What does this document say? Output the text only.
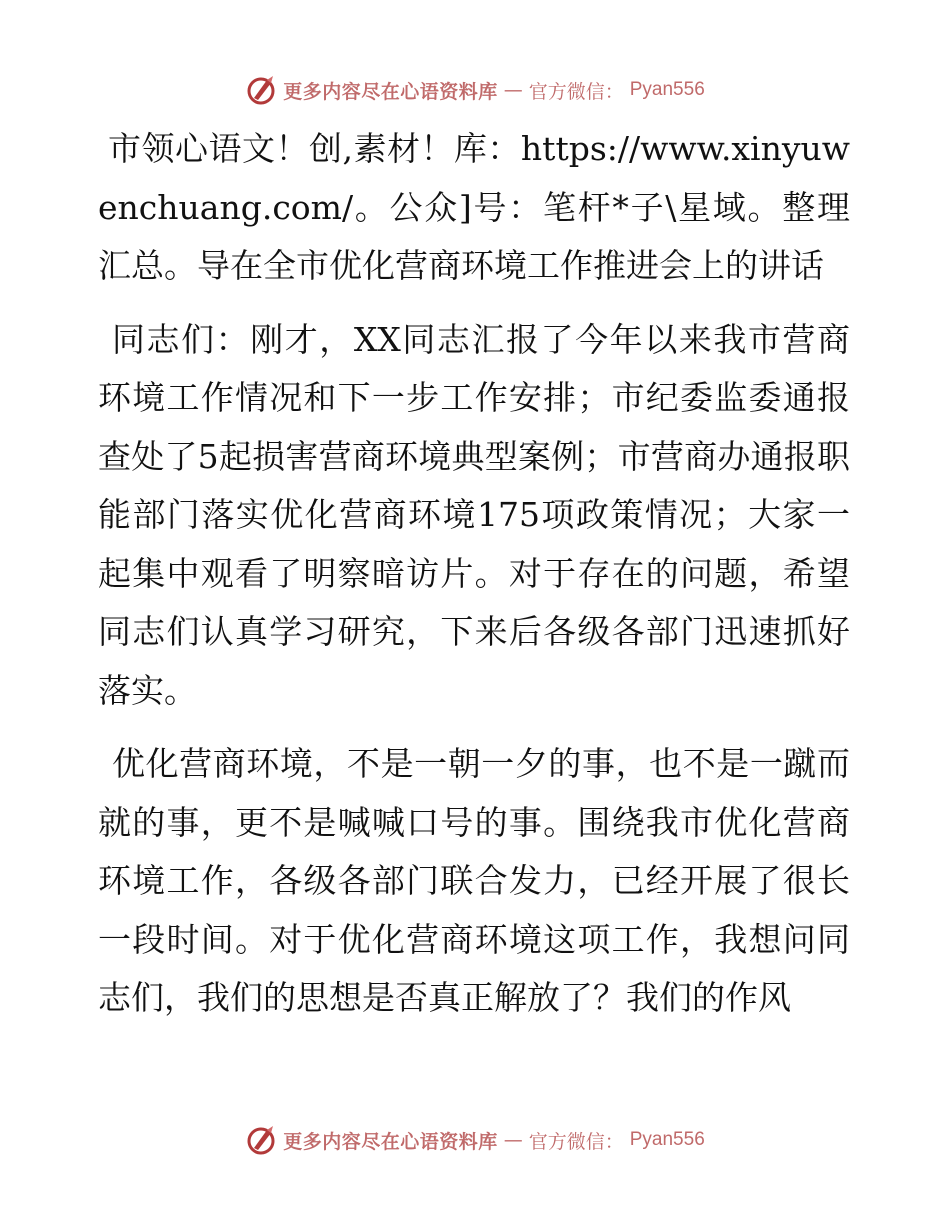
更多内容尽在心语资料库 — 官方微信： Pyan556

市领心语文！创,素材！库：https://www.xinyuwenchuang.com/。公众]号：笔杆*子\星域。整理汇总。导在全市优化营商环境工作推进会上的讲话

同志们：刚才，XX同志汇报了今年以来我市营商环境工作情况和下一步工作安排；市纪委监委通报查处了5起损害营商环境典型案例；市营商办通报职能部门落实优化营商环境175项政策情况；大家一起集中观看了明察暗访片。对于存在的问题，希望同志们认真学习研究，下来后各级各部门迅速抓好落实。

优化营商环境，不是一朝一夕的事，也不是一蹴而就的事，更不是喊喊口号的事。围绕我市优化营商环境工作，各级各部门联合发力，已经开展了很长一段时间。对于优化营商环境这项工作，我想问同志们，我们的思想是否真正解放了？我们的作风

更多内容尽在心语资料库 — 官方微信： Pyan556
